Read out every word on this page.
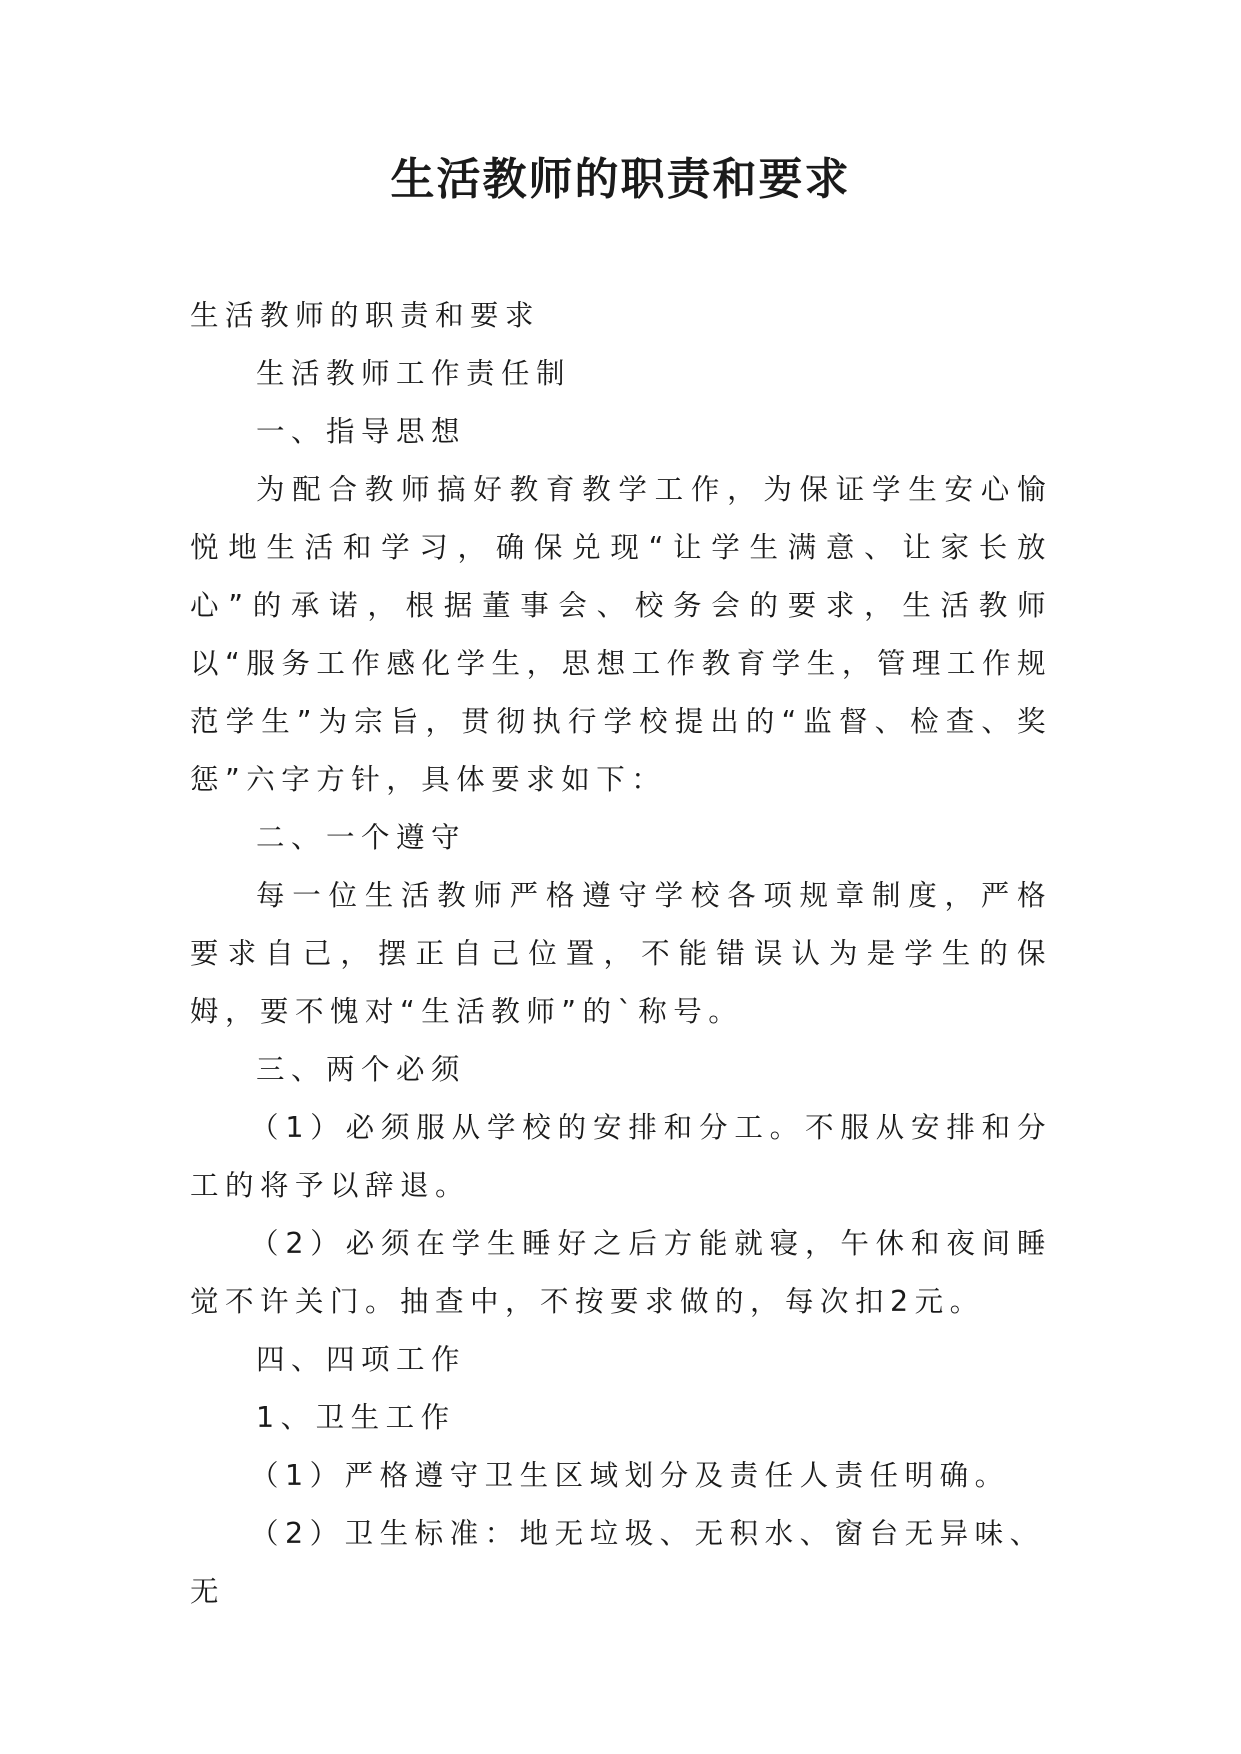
生活教师的职责和要求

生活教师的职责和要求

生活教师工作责任制

一、指导思想

为配合教师搞好教育教学工作，为保证学生安心愉悦地生活和学习，确保兑现“让学生满意、让家长放心”的承诺，根据董事会、校务会的要求，生活教师以“服务工作感化学生，思想工作教育学生，管理工作规范学生”为宗旨，贯彻执行学校提出的“监督、检查、奖惩”六字方针，具体要求如下：

二、一个遵守

每一位生活教师严格遵守学校各项规章制度，严格要求自己，摆正自己位置，不能错误认为是学生的保姆，要不愧对“生活教师”的`称号。

三、两个必须

（1）必须服从学校的安排和分工。不服从安排和分工的将予以辞退。

（2）必须在学生睡好之后方能就寝，午休和夜间睡觉不许关门。抽查中，不按要求做的，每次扣2元。

四、四项工作

1、卫生工作

（1）严格遵守卫生区域划分及责任人责任明确。

（2）卫生标准：地无垃圾、无积水、窗台无异味、无
